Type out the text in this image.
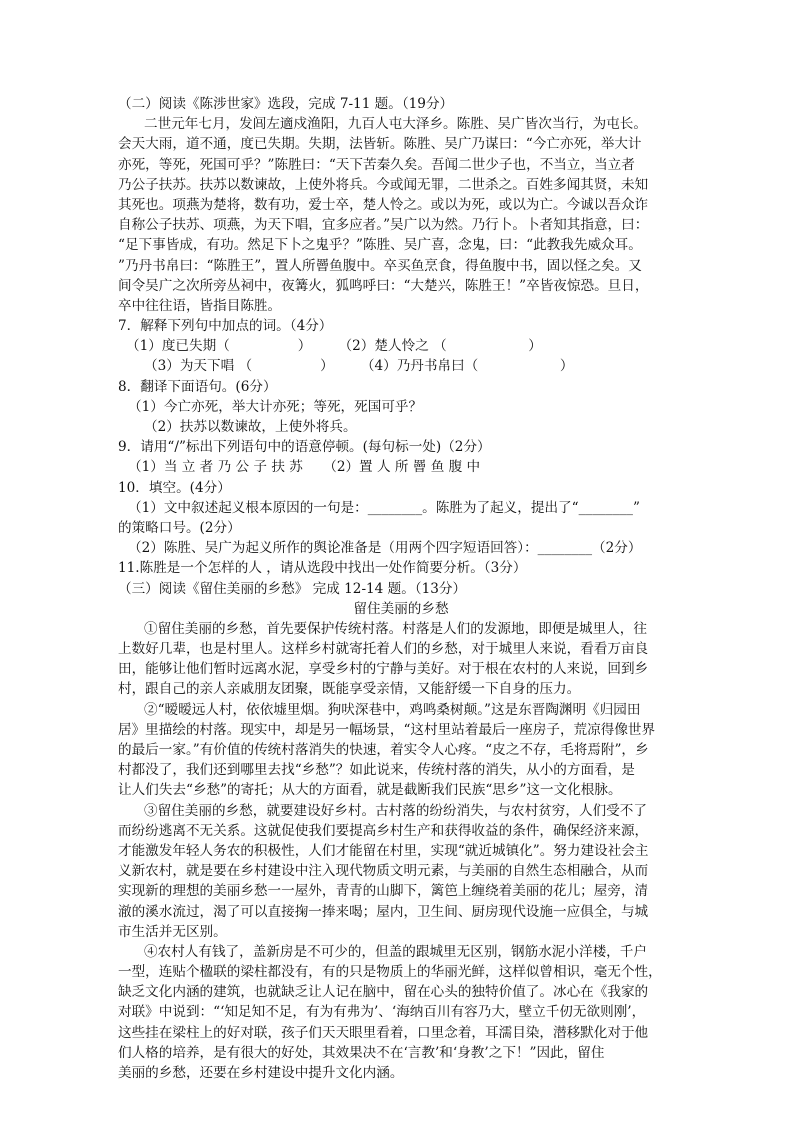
（二）阅读《陈涉世家》选段，完成 7-11 题。（19分）
二世元年七月，发闾左適戍渔阳，九百人屯大泽乡。陈胜、吴广皆次当行，为屯长。
会天大雨，道不通，度已失期。失期，法皆斩。陈胜、吴广乃谋曰：“今亡亦死，举大计
亦死，等死，死国可乎？”陈胜曰：“天下苦秦久矣。吾闻二世少子也，不当立，当立者
乃公子扶苏。扶苏以数谏故，上使外将兵。今或闻无罪，二世杀之。百姓多闻其贤，未知
其死也。项燕为楚将，数有功，爱士卒，楚人怜之。或以为死，或以为亡。今诚以吾众诈
自称公子扶苏、项燕，为天下唱，宜多应者。”吴广以为然。乃行卜。卜者知其指意，曰：
“足下事皆成，有功。然足下卜之鬼乎？”陈胜、吴广喜，念鬼，曰：“此教我先威众耳。
”乃丹书帛曰：“陈胜王”，置人所罾鱼腹中。卒买鱼烹食，得鱼腹中书，固以怪之矣。又
间令吴广之次所旁丛祠中，夜篝火，狐鸣呼曰：“大楚兴，陈胜王！”卒皆夜惊恐。旦日，
卒中往往语，皆指目陈胜。
7．解释下列句中加点的词。（4分）
（1）度已失期（　　　　　）　　　（2）楚人怜之 （　　　　　　）
（3）为天下唱 （　　　　　）　　　（4）乃丹书帛曰（　　　　　　）
8．翻译下面语句。(6分）
（1）今亡亦死，举大计亦死；等死，死国可乎？
（2）扶苏以数谏故，上使外将兵。
9．请用“/”标出下列语句中的语意停顿。(每句标一处)（2分）
（1）当 立 者 乃 公 子 扶 苏　　（2）置 人 所 罾 鱼 腹 中
10．填空。(4分）
（1）文中叙述起义根本原因的一句是：________。陈胜为了起义，提出了“________”
的策略口号。(2分）
（2）陈胜、吴广为起义所作的舆论准备是（用两个四字短语回答）：________（2分）
11.陈胜是一个怎样的人 ，请从选段中找出一处作简要分析。（3分）
（三）阅读《留住美丽的乡愁》 完成 12-14 题。（13分）
留住美丽的乡愁
①留住美丽的乡愁，首先要保护传统村落。村落是人们的发源地，即便是城里人，往
上数好几辈，也是村里人。这样乡村就寄托着人们的乡愁，对于城里人来说，看看万亩良
田，能够让他们暂时远离水泥，享受乡村的宁静与美好。对于根在农村的人来说，回到乡
村，跟自己的亲人亲戚朋友团聚，既能享受亲情，又能舒缓一下自身的压力。
②“暧暧远人村，依依墟里烟。狗吠深巷中，鸡鸣桑树颠。”这是东晋陶渊明《归园田
居》里描绘的村落。现实中，却是另一幅场景，“这村里站着最后一座房子，荒凉得像世界
的最后一家。”有价值的传统村落消失的快速，着实令人心疼。“皮之不存，毛将焉附”，乡
村都没了，我们还到哪里去找“乡愁”？如此说来，传统村落的消失，从小的方面看，是
让人们失去“乡愁”的寄托；从大的方面看，就是截断我们民族“思乡”这一文化根脉。
③留住美丽的乡愁，就要建设好乡村。古村落的纷纷消失，与农村贫穷，人们受不了
而纷纷逃离不无关系。这就促使我们要提高乡村生产和获得收益的条件，确保经济来源，
才能激发年轻人务农的积极性，人们才能留在村里，实现“就近城镇化”。努力建设社会主
义新农村，就是要在乡村建设中注入现代物质文明元素，与美丽的自然生态相融合，从而
实现新的理想的美丽乡愁一一屋外，青青的山脚下，篱笆上缠绕着美丽的花儿；屋旁，清
澈的溪水流过，渴了可以直接掬一捧来喝；屋内，卫生间、厨房现代设施一应俱全，与城
市生活并无区别。
④农村人有钱了，盖新房是不可少的，但盖的跟城里无区别，钢筋水泥小洋楼，千户
一型，连贴个楹联的梁柱都没有，有的只是物质上的华丽光鲜，这样似曾相识，毫无个性，
缺乏文化内涵的建筑，也就缺乏让人记在脑中，留在心头的独特价值了。冰心在《我家的
对联》中说到：“‘知足知不足，有为有弗为’、‘海纳百川有容乃大，壁立千仞无欲则刚’，
这些挂在梁柱上的好对联，孩子们天天眼里看着，口里念着，耳濡目染，潜移默化对于他
们人格的培养，是有很大的好处，其效果决不在‘言教’和‘身教’之下！”因此，留住
美丽的乡愁，还要在乡村建设中提升文化内涵。
